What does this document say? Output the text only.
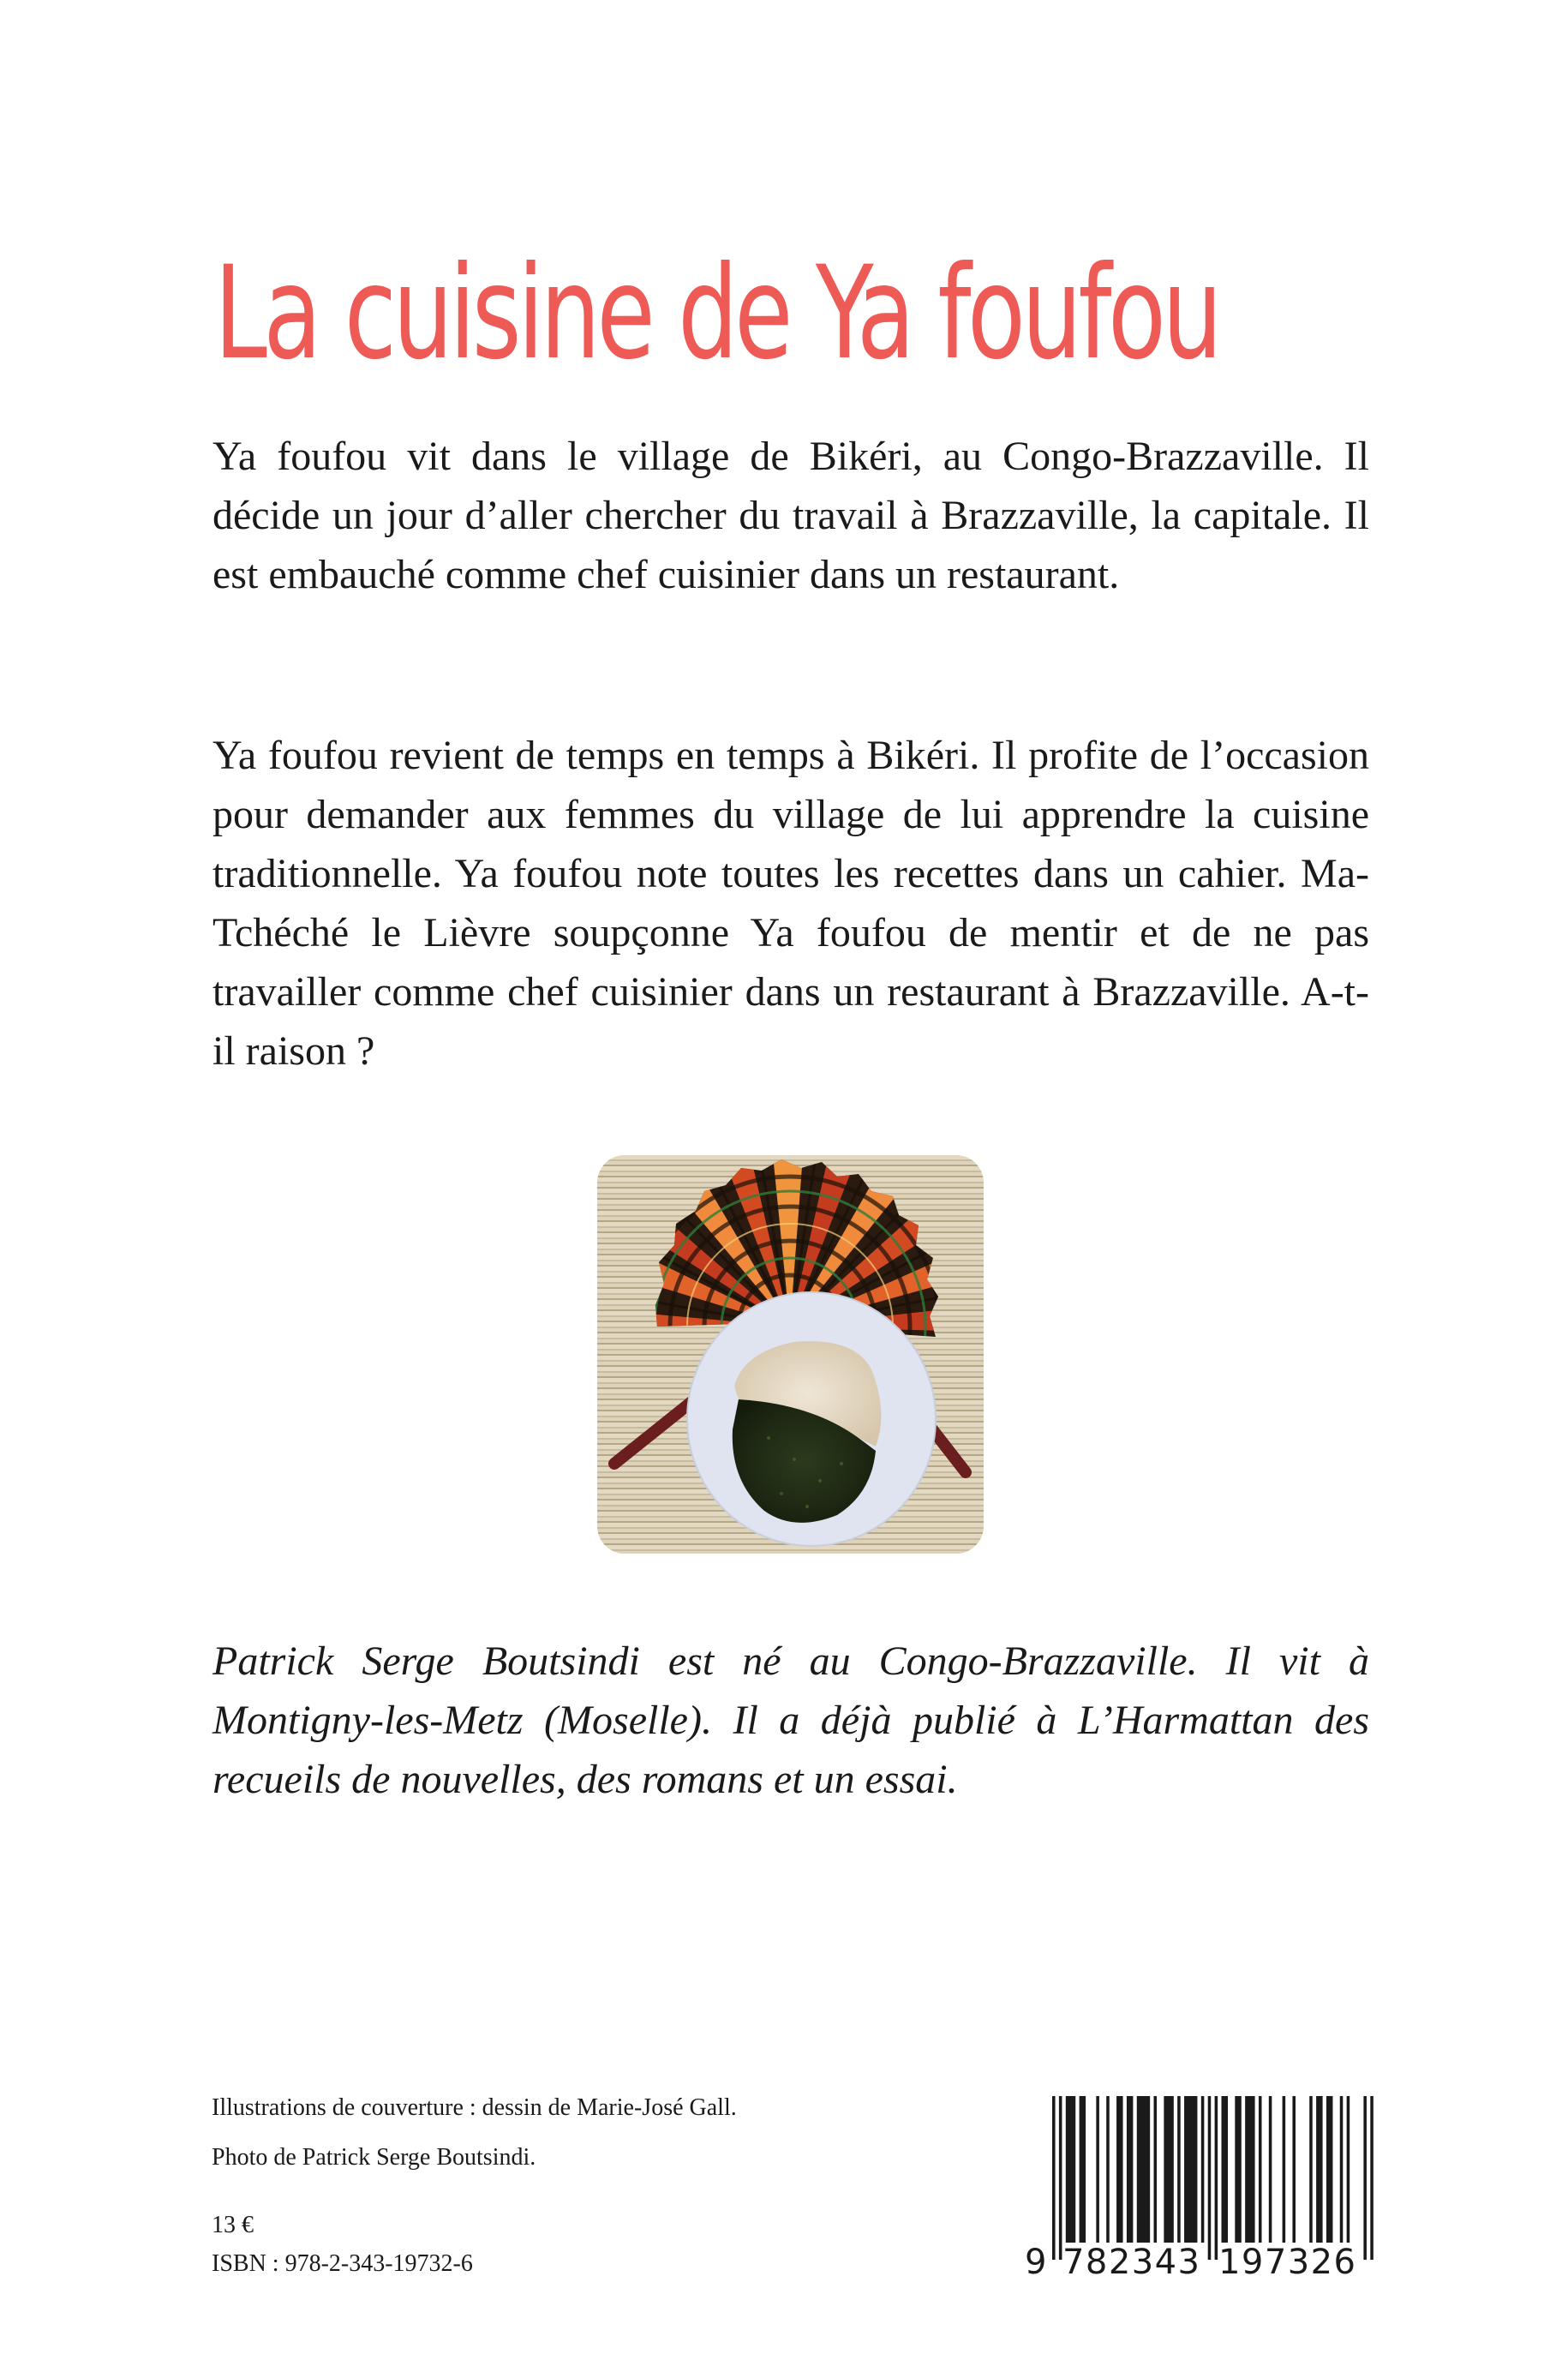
La cuisine de Ya foufou

Ya foufou vit dans le village de Bikéri, au Congo-Brazzaville. Il décide un jour d’aller chercher du travail à Brazzaville, la capitale. Il est embauché comme chef cuisinier dans un restaurant.

Ya foufou revient de temps en temps à Bikéri. Il profite de l’occasion pour demander aux femmes du village de lui apprendre la cuisine traditionnelle. Ya foufou note toutes les recettes dans un cahier. Ma-Tchéché le Lièvre soupçonne Ya foufou de mentir et de ne pas travailler comme chef cuisinier dans un restaurant à Brazzaville. A-t-il raison ?

Patrick Serge Boutsindi est né au Congo-Brazzaville. Il vit à Montigny-les-Metz (Moselle). Il a déjà publié à L’Harmattan des recueils de nouvelles, des romans et un essai.

Illustrations de couverture : dessin de Marie-José Gall.
Photo de Patrick Serge Boutsindi.
13 €
ISBN : 978-2-343-19732-6	9 782343 197326
